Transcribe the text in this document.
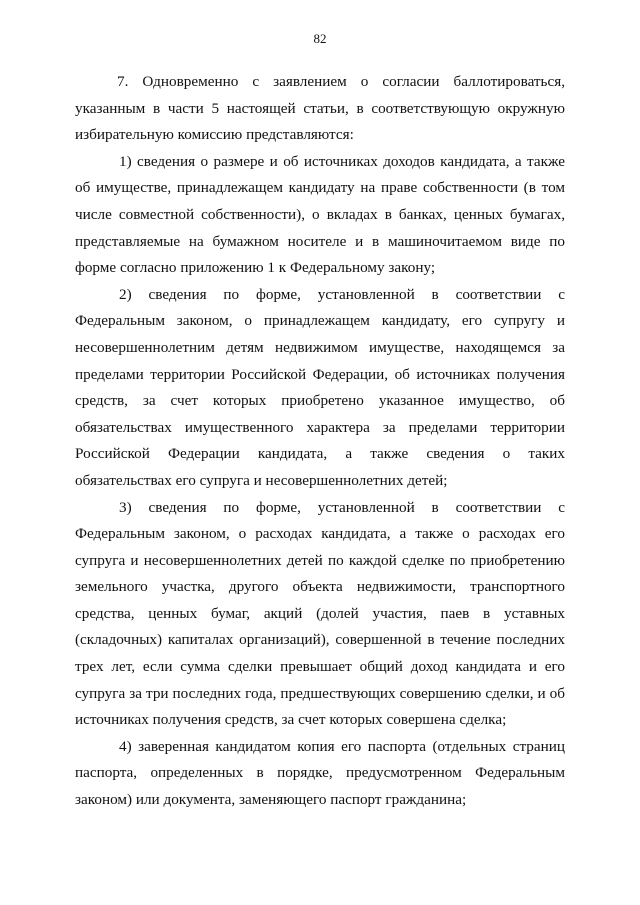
82

7. Одновременно с заявлением о согласии баллотироваться, указанным в части 5 настоящей статьи, в соответствующую окружную избирательную комиссию представляются:

1) сведения о размере и об источниках доходов кандидата, а также об имуществе, принадлежащем кандидату на праве собственности (в том числе совместной собственности), о вкладах в банках, ценных бумагах, представляемые на бумажном носителе и в машиночитаемом виде по форме согласно приложению 1 к Федеральному закону;

2) сведения по форме, установленной в соответствии с Федеральным законом, о принадлежащем кандидату, его супругу и несовершеннолетним детям недвижимом имуществе, находящемся за пределами территории Российской Федерации, об источниках получения средств, за счет которых приобретено указанное имущество, об обязательствах имущественного характера за пределами территории Российской Федерации кандидата, а также сведения о таких обязательствах его супруга и несовершеннолетних детей;

3) сведения по форме, установленной в соответствии с Федеральным законом, о расходах кандидата, а также о расходах его супруга и несовершеннолетних детей по каждой сделке по приобретению земельного участка, другого объекта недвижимости, транспортного средства, ценных бумаг, акций (долей участия, паев в уставных (складочных) капиталах организаций), совершенной в течение последних трех лет, если сумма сделки превышает общий доход кандидата и его супруга за три последних года, предшествующих совершению сделки, и об источниках получения средств, за счет которых совершена сделка;

4) заверенная кандидатом копия его паспорта (отдельных страниц паспорта, определенных в порядке, предусмотренном Федеральным законом) или документа, заменяющего паспорт гражданина;
